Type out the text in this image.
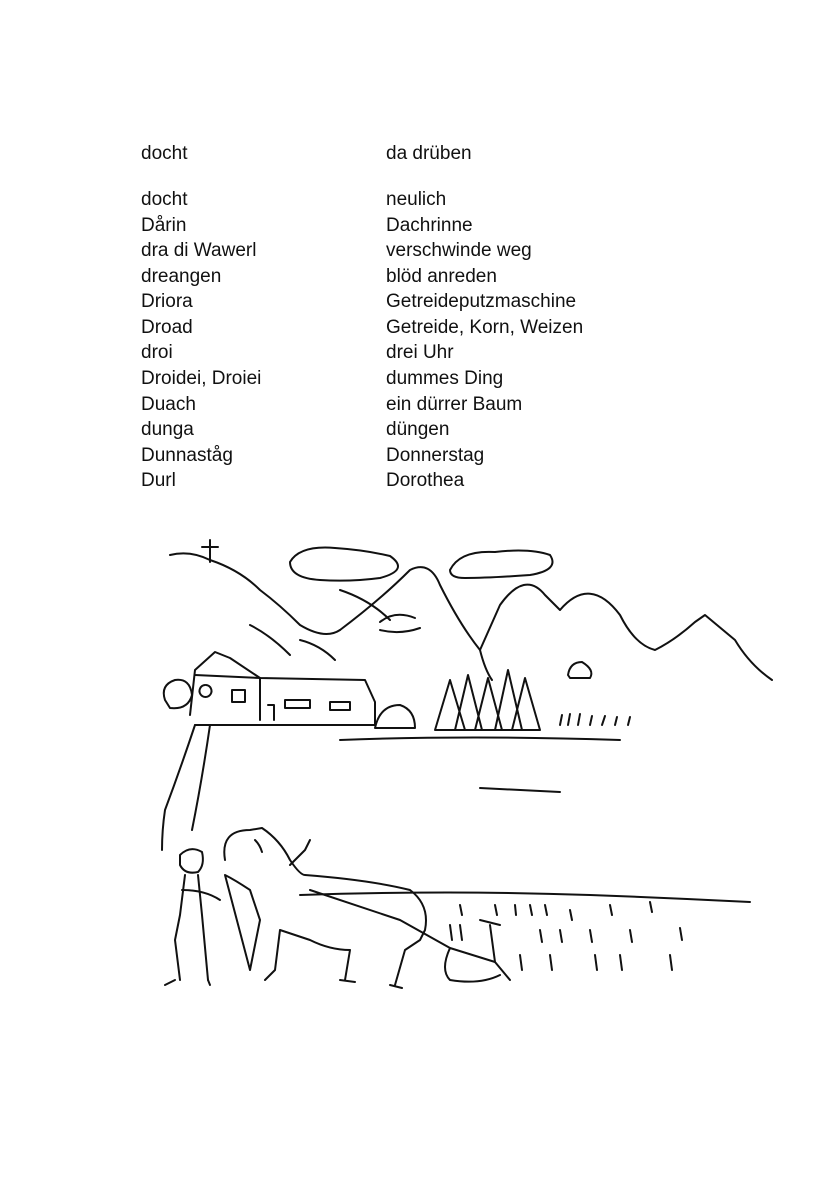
docht	da drüben
docht	neulich
Dårin	Dachrinne
dra di Wawerl	verschwinde weg
dreangen	blöd anreden
Driora	Getreideputzmaschine
Droad	Getreide, Korn, Weizen
droi	drei Uhr
Droidei, Droiei	dummes Ding
Duach	ein dürrer Baum
dunga	düngen
Dunnaståg	Donnerstag
Durl	Dorothea
